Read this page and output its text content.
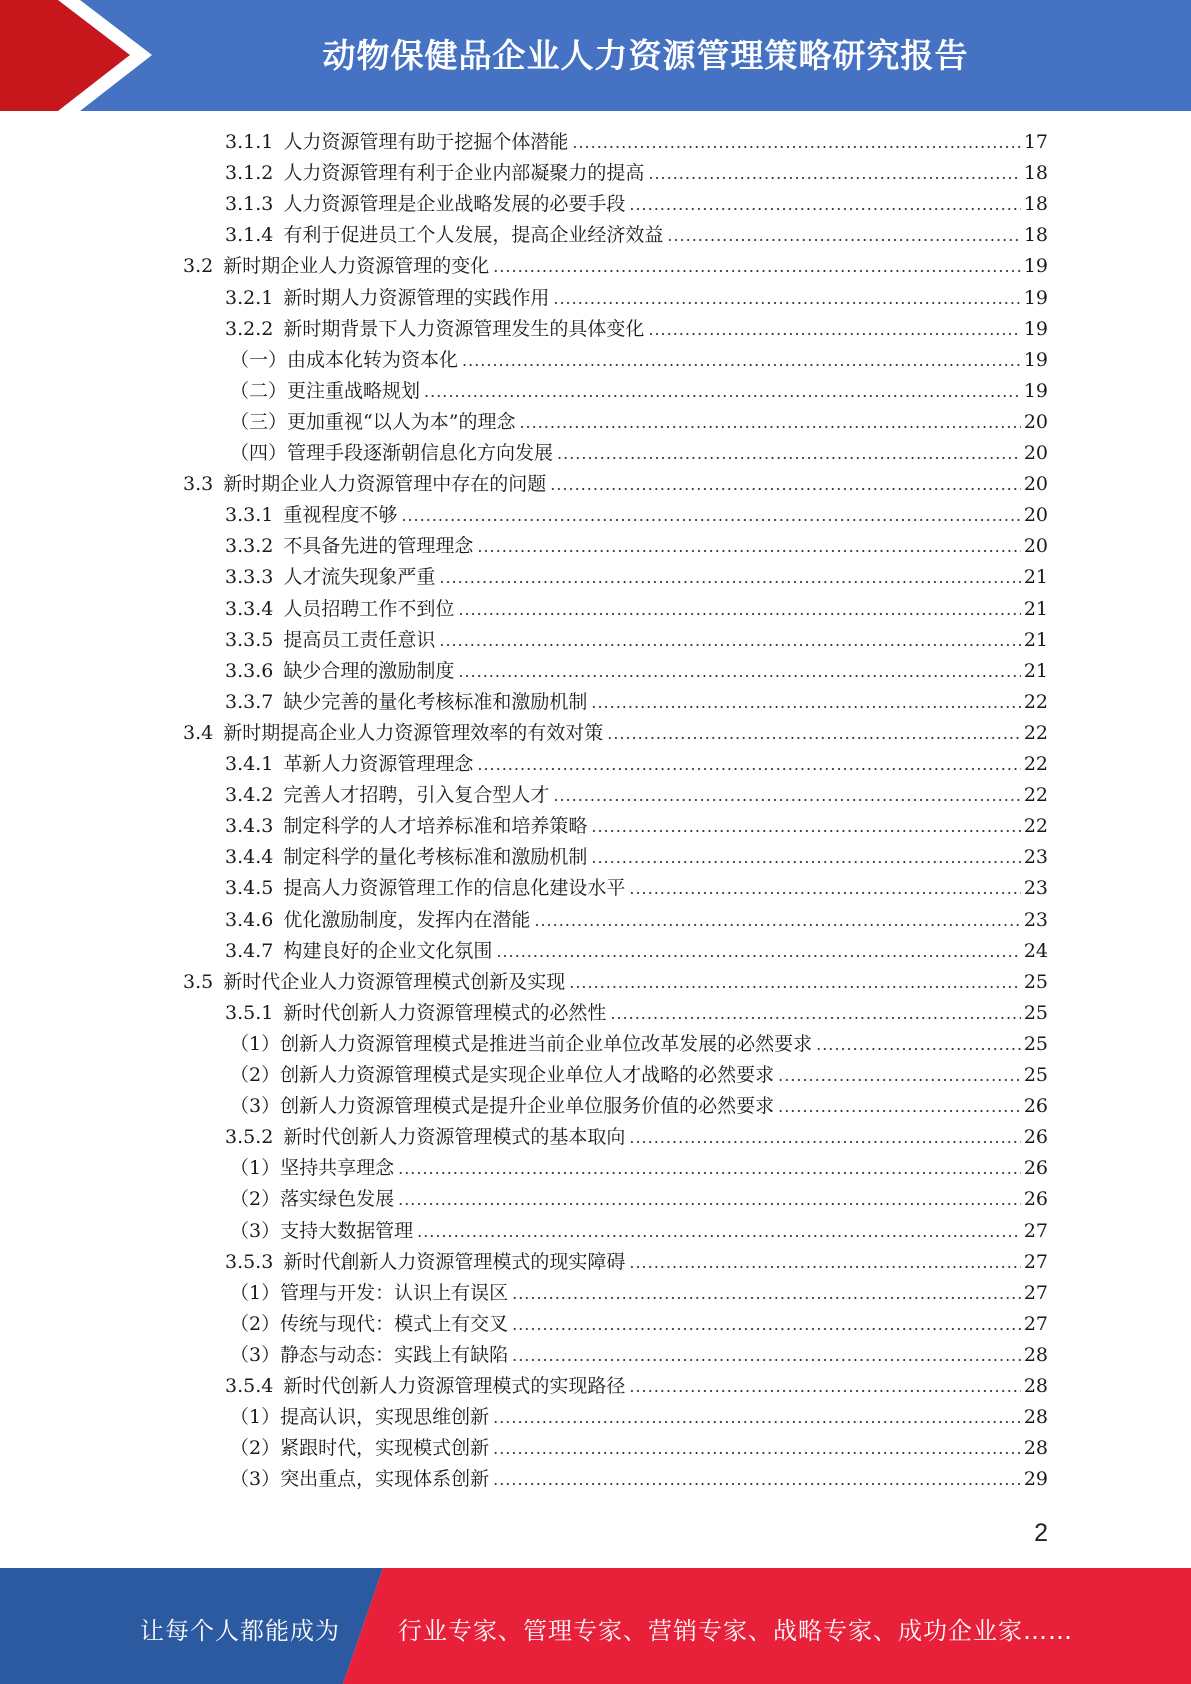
动物保健品企业人力资源管理策略研究报告
3.1.1 人力资源管理有助于挖掘个体潜能 .....	17
3.1.2 人力资源管理有利于企业内部凝聚力的提高 .....	18
3.1.3 人力资源管理是企业战略发展的必要手段 .....	18
3.1.4 有利于促进员工个人发展，提高企业经济效益 .....	18
3.2 新时期企业人力资源管理的变化 .....	19
3.2.1 新时期人力资源管理的实践作用 .....	19
3.2.2 新时期背景下人力资源管理发生的具体变化 .....	19
（一） 由成本化转为资本化 .....	19
（二） 更注重战略规划 .....	19
（三） 更加重视“以人为本”的理念 .....	20
（四） 管理手段逐渐朝信息化方向发展 .....	20
3.3 新时期企业人力资源管理中存在的问题 .....	20
3.3.1 重视程度不够 .....	20
3.3.2 不具备先进的管理理念 .....	20
3.3.3 人才流失现象严重 .....	21
3.3.4 人员招聘工作不到位 .....	21
3.3.5 提高员工责任意识 .....	21
3.3.6 缺少合理的激励制度 .....	21
3.3.7 缺少完善的量化考核标准和激励机制 .....	22
3.4 新时期提高企业人力资源管理效率的有效对策 .....	22
3.4.1 革新人力资源管理理念 .....	22
3.4.2 完善人才招聘，引入复合型人才 .....	22
3.4.3 制定科学的人才培养标准和培养策略 .....	22
3.4.4 制定科学的量化考核标准和激励机制 .....	23
3.4.5 提高人力资源管理工作的信息化建设水平 .....	23
3.4.6 优化激励制度，发挥内在潜能 .....	23
3.4.7 构建良好的企业文化氛围 .....	24
3.5 新时代企业人力资源管理模式创新及实现 .....	25
3.5.1 新时代创新人力资源管理模式的必然性 .....	25
（1） 创新人力资源管理模式是推进当前企业单位改革发展的必然要求 .....	25
（2） 创新人力资源管理模式是实现企业单位人才战略的必然要求 .....	25
（3） 创新人力资源管理模式是提升企业单位服务价值的必然要求 .....	26
3.5.2 新时代创新人力资源管理模式的基本取向 .....	26
（1） 坚持共享理念 .....	26
（2） 落实绿色发展 .....	26
（3） 支持大数据管理 .....	27
3.5.3 新时代創新人力资源管理模式的现实障碍 .....	27
（1） 管理与开发：认识上有误区 .....	27
（2） 传统与现代：模式上有交叉 .....	27
（3） 静态与动态：实践上有缺陷 .....	28
3.5.4 新时代创新人力资源管理模式的实现路径 .....	28
（1） 提高认识，实现思维创新 .....	28
（2） 紧跟时代，实现模式创新 .....	28
（3） 突出重点，实现体系创新 .....	29
2
让每个人都能成为 行业专家、管理专家、营销专家、战略专家、成功企业家……
